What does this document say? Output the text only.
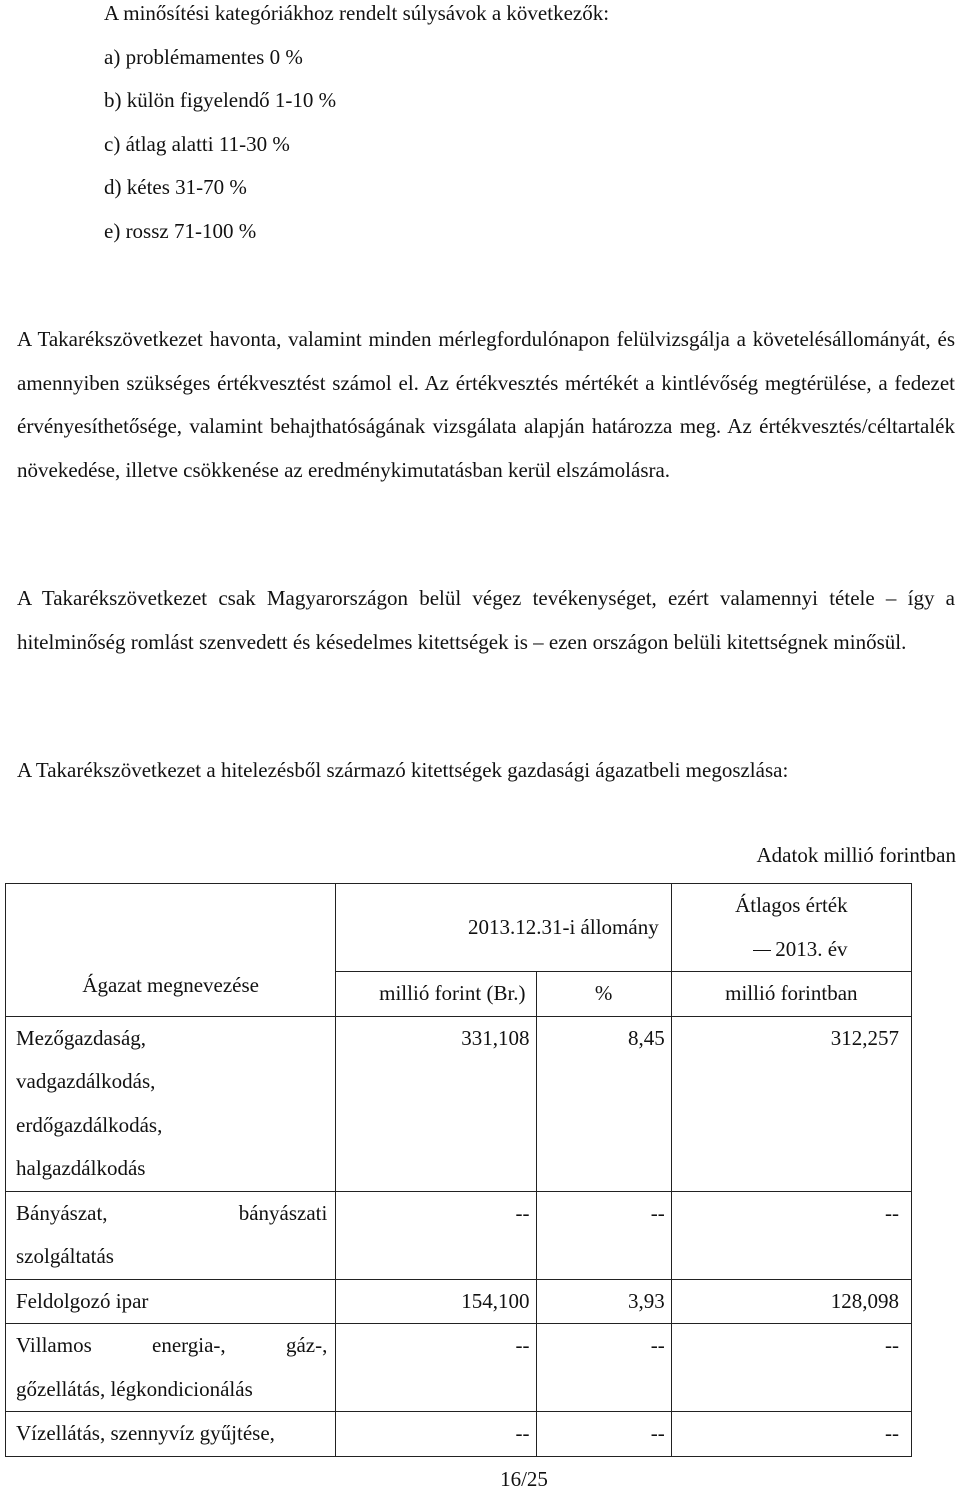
A minősítési kategóriákhoz rendelt súlysávok a következők:
a) problémamentes 0 %
b) külön figyelendő 1-10 %
c) átlag alatti 11-30 %
d) kétes 31-70 %
e) rossz 71-100 %

A Takarékszövetkezet havonta, valamint minden mérlegfordulónapon felülvizsgálja a követelésállományát, és amennyiben szükséges értékvesztést számol el. Az értékvesztés mértékét a kintlévőség megtérülése, a fedezet érvényesíthetősége, valamint behajthatóságának vizsgálata alapján határozza meg. Az értékvesztés/céltartalék növekedése, illetve csökkenése az eredménykimutatásban kerül elszámolásra.

A Takarékszövetkezet csak Magyarországon belül végez tevékenységet, ezért valamennyi tétele – így a hitelminőség romlást szenvedett és késedelmes kitettségek is – ezen országon belüli kitettségnek minősül.

A Takarékszövetkezet a hitelezésből származó kitettségek gazdasági ágazatbeli megoszlása:

Adatok millió forintban
Ágazat megnevezése	2013.12.31-i állomány		Átlagos érték
2013. év

	millió forint (Br.)	%	millió forintban

Mezőgazdaság,
vadgazdálkodás,
erdőgazdálkodás,
halgazdálkodás	331,108	8,45	312,257

Bányászat, bányászati
szolgáltatás	--	--	--

Feldolgozó ipar	154,100	3,93	128,098

Villamos energia-, gáz-,
gőzellátás, légkondicionálás	--	--	--

Vízellátás, szennyvíz gyűjtése,	--	--	--
16/25
